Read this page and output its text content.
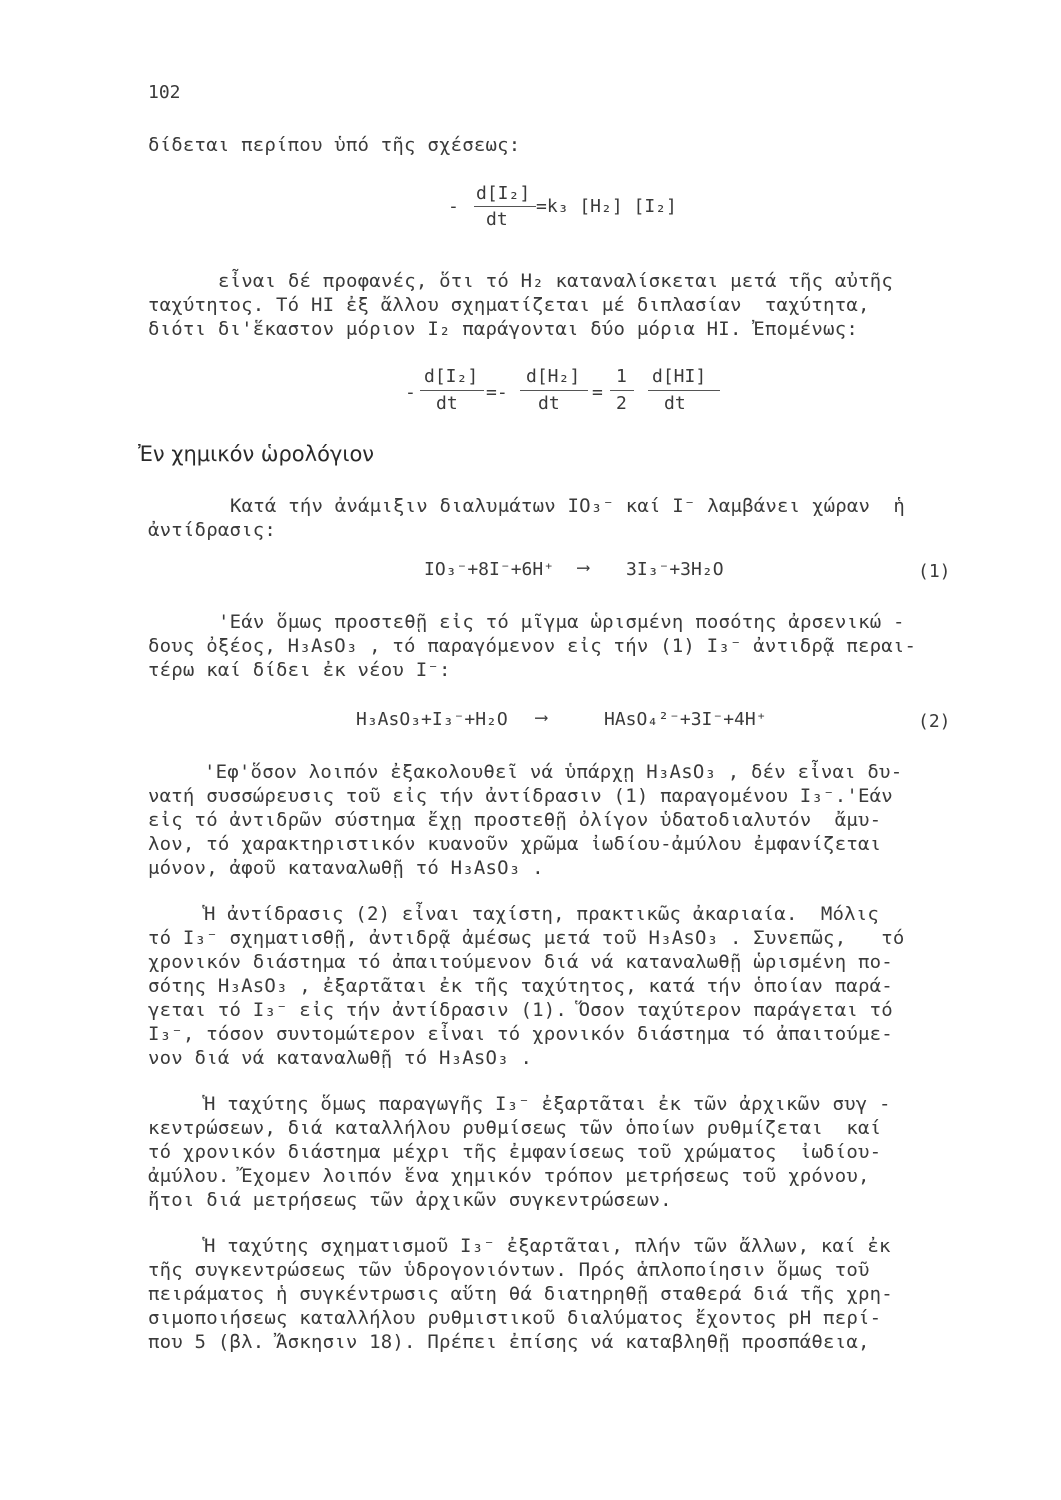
102
δίδεται περίπου ὑπό τῆς σχέσεως:
-
d[I₂]
dt
=k₃ [H₂] [I₂]
εἶναι δέ προφανές, ὅτι τό H₂ καταναλίσκεται μετά τῆς αὐτῆς
ταχύτητος. Τό HI ἐξ ἄλλου σχηματίζεται μέ διπλασίαν  ταχύτητα,
διότι δι'ἕκαστον μόριον I₂ παράγονται δύο μόρια HI. Ἐπομένως:
-
d[I₂]
dt
=-
d[H₂]
dt
=
1
2
d[HI]
dt
Ἐν χημικόν ὡρολόγιον
Κατά τήν ἀνάμιξιν διαλυμάτων IO₃⁻ καί I⁻ λαμβάνει χώραν  ἡ
ἀντίδρασις:
IO₃⁻+8I⁻+6H⁺ ⟶ 3I₃⁻+3H₂O	(1)
'Εάν ὅμως προστεθῇ εἰς τό μῖγμα ὡρισμένη ποσότης ἀρσενικώ -
δους ὀξέος, H₃AsO₃ , τό παραγόμενον εἰς τήν (1) I₃⁻ ἀντιδρᾷ περαι-
τέρω καί δίδει ἐκ νέου I⁻:
H₃AsO₃+I₃⁻+H₂O ⟶	HAsO₄²⁻+3I⁻+4H⁺	(2)
'Εφ'ὅσον λοιπόν ἐξακολουθεῖ νά ὑπάρχῃ H₃AsO₃ , δέν εἶναι δυ-
νατή συσσώρευσις τοῦ εἰς τήν ἀντίδρασιν (1) παραγομένου I₃⁻.'Εάν
εἰς τό ἀντιδρῶν σύστημα ἔχῃ προστεθῇ ὀλίγον ὑδατοδιαλυτόν  ἄμυ-
λον, τό χαρακτηριστικόν κυανοῦν χρῶμα ἰωδίου-ἀμύλου ἐμφανίζεται
μόνον, ἀφοῦ καταναλωθῇ τό H₃AsO₃ .
Ἡ ἀντίδρασις (2) εἶναι ταχίστη, πρακτικῶς ἀκαριαία.  Μόλις
τό I₃⁻ σχηματισθῇ, ἀντιδρᾷ ἀμέσως μετά τοῦ H₃AsO₃ . Συνεπῶς,   τό
χρονικόν διάστημα τό ἀπαιτούμενον διά νά καταναλωθῇ ὡρισμένη πο-
σότης H₃AsO₃ , ἐξαρτᾶται ἐκ τῆς ταχύτητος, κατά τήν ὁποίαν παρά-
γεται τό I₃⁻ εἰς τήν ἀντίδρασιν (1). Ὅσον ταχύτερον παράγεται τό
I₃⁻, τόσον συντομώτερον εἶναι τό χρονικόν διάστημα τό ἀπαιτούμε-
νον διά νά καταναλωθῇ τό H₃AsO₃ .
Ἡ ταχύτης ὅμως παραγωγῆς I₃⁻ ἐξαρτᾶται ἐκ τῶν ἀρχικῶν συγ -
κεντρώσεων, διά καταλλήλου ρυθμίσεως τῶν ὁποίων ρυθμίζεται  καί
τό χρονικόν διάστημα μέχρι τῆς ἐμφανίσεως τοῦ χρώματος  ἰωδίου-
ἀμύλου. Ἔχομεν λοιπόν ἕνα χημικόν τρόπον μετρήσεως τοῦ χρόνου,
ἤτοι διά μετρήσεως τῶν ἀρχικῶν συγκεντρώσεων.
Ἡ ταχύτης σχηματισμοῦ I₃⁻ ἐξαρτᾶται, πλήν τῶν ἄλλων, καί ἐκ
τῆς συγκεντρώσεως τῶν ὑδρογονιόντων. Πρός ἁπλοποίησιν ὅμως τοῦ
πειράματος ἡ συγκέντρωσις αὕτη θά διατηρηθῇ σταθερά διά τῆς χρη-
σιμοποιήσεως καταλλήλου ρυθμιστικοῦ διαλύματος ἔχοντος pH περί-
που 5 (βλ. Ἄσκησιν 18). Πρέπει ἐπίσης νά καταβληθῇ προσπάθεια,
